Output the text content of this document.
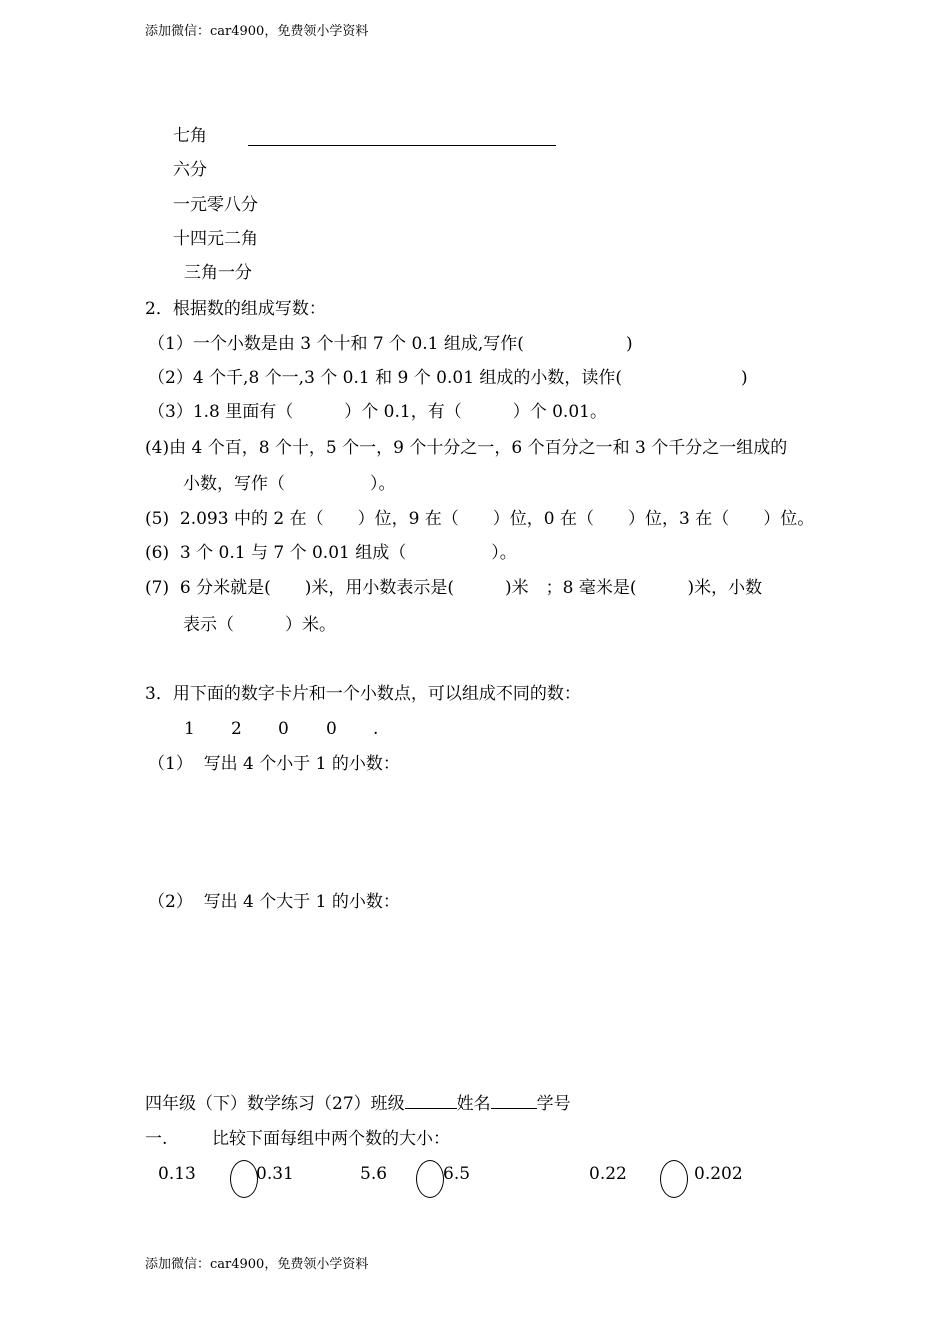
添加微信：car4900，免费领小学资料
七角
六分
一元零八分
十四元二角
三角一分
2．根据数的组成写数：
（1）一个小数是由 3 个十和 7 个 0.1 组成,写作(　　　　　　)
（2）4 个千,8 个一,3 个 0.1 和 9 个 0.01 组成的小数，读作(　　　　　　　)
（3）1.8 里面有（　　　）个 0.1，有（　　　）个 0.01。
(4)由 4 个百，8 个十，5 个一，9 个十分之一，6 个百分之一和 3 个千分之一组成的
小数，写作（　　　　　）。
(5)  2.093 中的 2 在（　　）位，9 在（　　）位，0 在（　　）位，3 在（　　）位。
(6)  3 个 0.1 与 7 个 0.01 组成（　　　　　）。
(7)  6 分米就是(　　)米，用小数表示是(　　　)米　；8 毫米是(　　　)米，小数
表示（　　　）米。
3．用下面的数字卡片和一个小数点，可以组成不同的数：
1 2 0 0 .
（1）  写出 4 个小于 1 的小数：
（2）  写出 4 个大于 1 的小数：
四年级（下）数学练习（27）班级	姓名	学号
一.	比较下面每组中两个数的大小：
0.13	0.31	5.6	6.5	0.22	0.202
添加微信：car4900，免费领小学资料
